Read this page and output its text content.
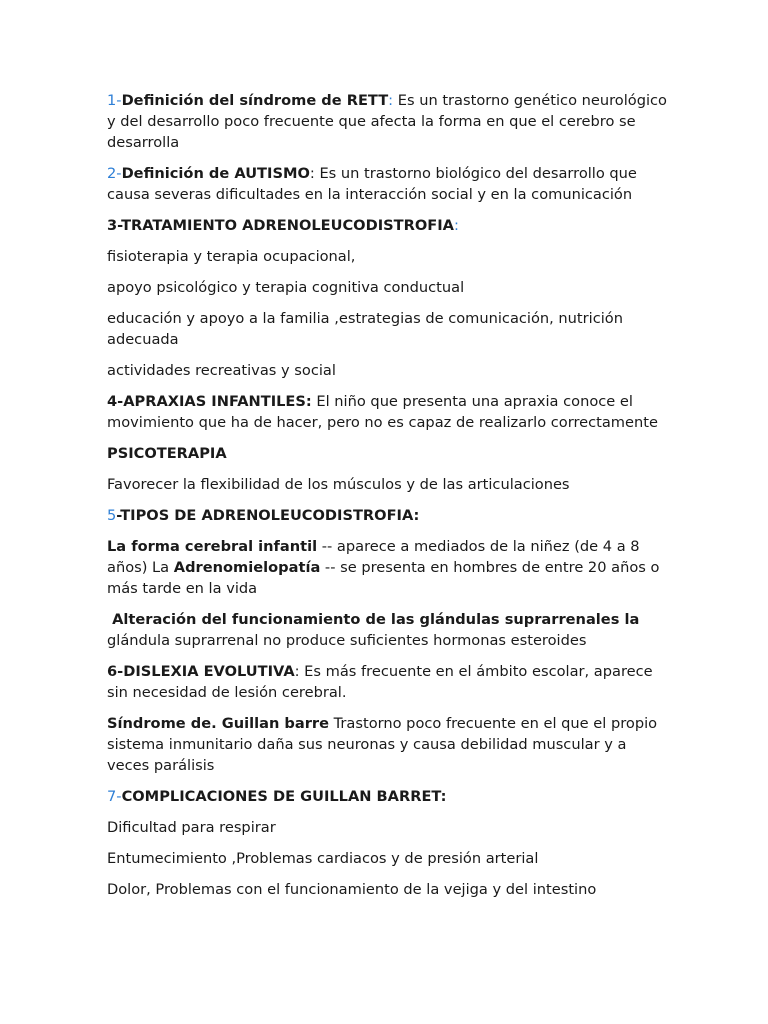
1-Definición del síndrome de RETT: Es un trastorno genético neurológico y del desarrollo poco frecuente que afecta la forma en que el cerebro se desarrolla

2-Definición de AUTISMO: Es un trastorno biológico del desarrollo que causa severas dificultades en la interacción social y en la comunicación

3-TRATAMIENTO ADRENOLEUCODISTROFIA:

fisioterapia y terapia ocupacional,

apoyo psicológico y terapia cognitiva conductual

educación y apoyo a la familia ,estrategias de comunicación, nutrición adecuada

actividades recreativas y social

4-APRAXIAS INFANTILES: El niño que presenta una apraxia conoce el movimiento que ha de hacer, pero no es capaz de realizarlo correctamente

PSICOTERAPIA

Favorecer la flexibilidad de los músculos y de las articulaciones

5-TIPOS DE ADRENOLEUCODISTROFIA:

La forma cerebral infantil -- aparece a mediados de la niñez (de 4 a 8 años) La Adrenomielopatía -- se presenta en hombres de entre 20 años o más tarde en la vida

Alteración del funcionamiento de las glándulas suprarrenales la glándula suprarrenal no produce suficientes hormonas esteroides

6-DISLEXIA EVOLUTIVA: Es más frecuente en el ámbito escolar, aparece sin necesidad de lesión cerebral.

Síndrome de. Guillan barre Trastorno poco frecuente en el que el propio sistema inmunitario daña sus neuronas y causa debilidad muscular y a veces parálisis

7-COMPLICACIONES DE GUILLAN BARRET:

Dificultad para respirar

Entumecimiento ,Problemas cardiacos y de presión arterial

Dolor, Problemas con el funcionamiento de la vejiga y del intestino
